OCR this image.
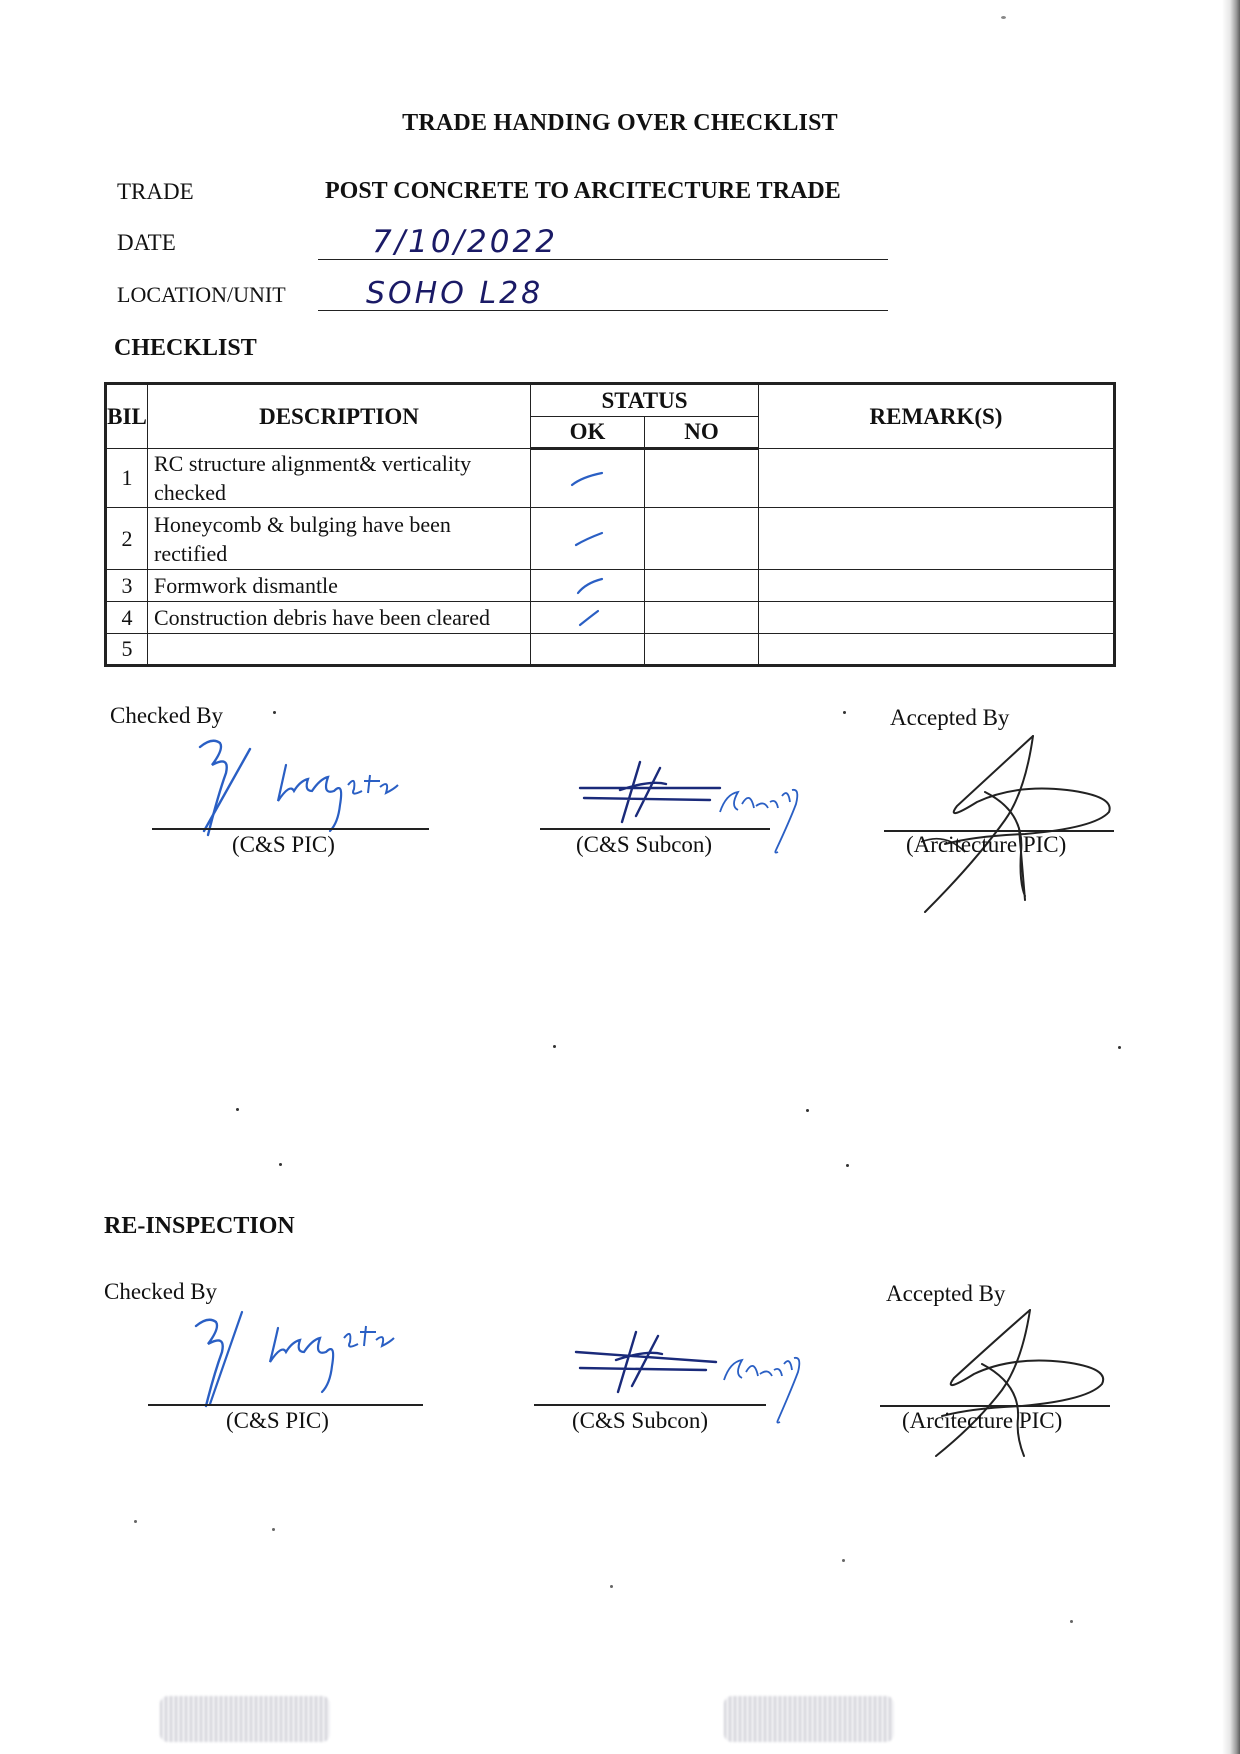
TRADE HANDING OVER CHECKLIST
TRADE	POST CONCRETE TO ARCITECTURE TRADE
DATE	7/10/2022
LOCATION/UNIT	SOHO L28
CHECKLIST
BIL	DESCRIPTION	STATUS		REMARK(S)
		OK	NO	
1	RC structure alignment& verticality checked	

2	Honeycomb & bulging have been rectified	

3	Formwork dismantle	

4	Construction debris have been cleared	

5				
Checked By	Accepted By
(C&S PIC)	(C&S Subcon)	(Arcitecture PIC)
RE-INSPECTION
Checked By	Accepted By
(C&S PIC)	(C&S Subcon)	(Arcitecture PIC)
